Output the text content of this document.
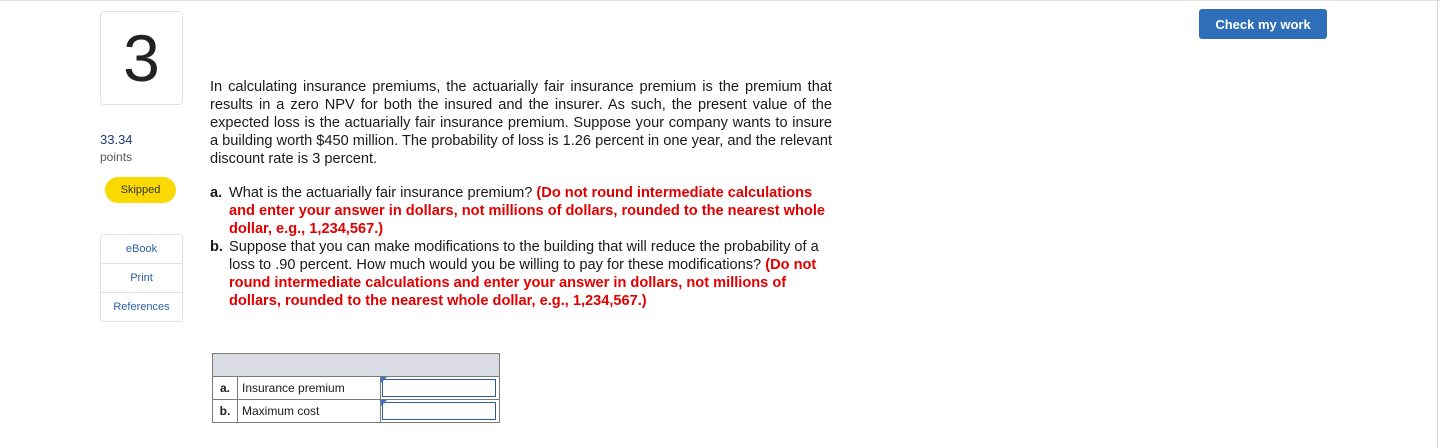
3
33.34
points
Skipped
eBook
Print
References
Check my work
In calculating insurance premiums, the actuarially fair insurance premium is the premium that results in a zero NPV for both the insured and the insurer. As such, the present value of the expected loss is the actuarially fair insurance premium. Suppose your company wants to insure a building worth $450 million. The probability of loss is 1.26 percent in one year, and the relevant discount rate is 3 percent.
a. What is the actuarially fair insurance premium? (Do not round intermediate calculations and enter your answer in dollars, not millions of dollars, rounded to the nearest whole dollar, e.g., 1,234,567.)
b. Suppose that you can make modifications to the building that will reduce the probability of a loss to .90 percent. How much would you be willing to pay for these modifications? (Do not round intermediate calculations and enter your answer in dollars, not millions of dollars, rounded to the nearest whole dollar, e.g., 1,234,567.)

a.	Insurance premium	

b.	Maximum cost	
